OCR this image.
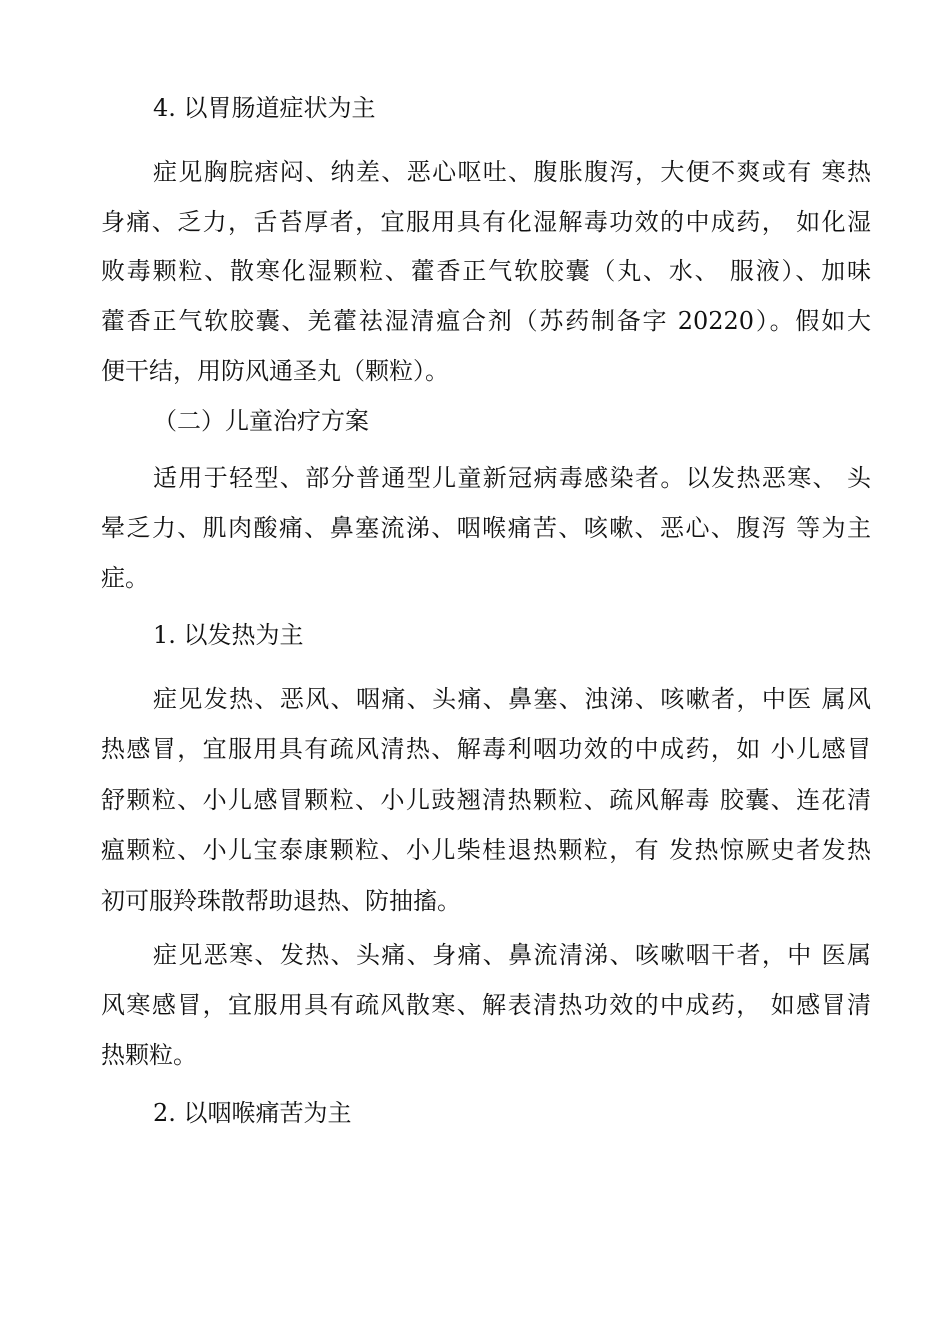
4. 以胃肠道症状为主
症见胸脘痞闷、纳差、恶心呕吐、腹胀腹泻，大便不爽或有 寒热
身痛、乏力，舌苔厚者，宜服用具有化湿解毒功效的中成药， 如化湿
败毒颗粒、散寒化湿颗粒、藿香正气软胶囊（丸、水、 服液）、加味
藿香正气软胶囊、羌藿祛湿清瘟合剂（苏药制备字 20220）。假如大
便干结，用防风通圣丸（颗粒）。
（二）儿童治疗方案
适用于轻型、部分普通型儿童新冠病毒感染者。以发热恶寒、 头
晕乏力、肌肉酸痛、鼻塞流涕、咽喉痛苦、咳嗽、恶心、腹泻 等为主
症。
1. 以发热为主
症见发热、恶风、咽痛、头痛、鼻塞、浊涕、咳嗽者，中医 属风
热感冒，宜服用具有疏风清热、解毒利咽功效的中成药，如 小儿感冒
舒颗粒、小儿感冒颗粒、小儿豉翘清热颗粒、疏风解毒 胶囊、连花清
瘟颗粒、小儿宝泰康颗粒、小儿柴桂退热颗粒，有 发热惊厥史者发热
初可服羚珠散帮助退热、防抽搐。
症见恶寒、发热、头痛、身痛、鼻流清涕、咳嗽咽干者，中 医属
风寒感冒，宜服用具有疏风散寒、解表清热功效的中成药， 如感冒清
热颗粒。
2. 以咽喉痛苦为主
